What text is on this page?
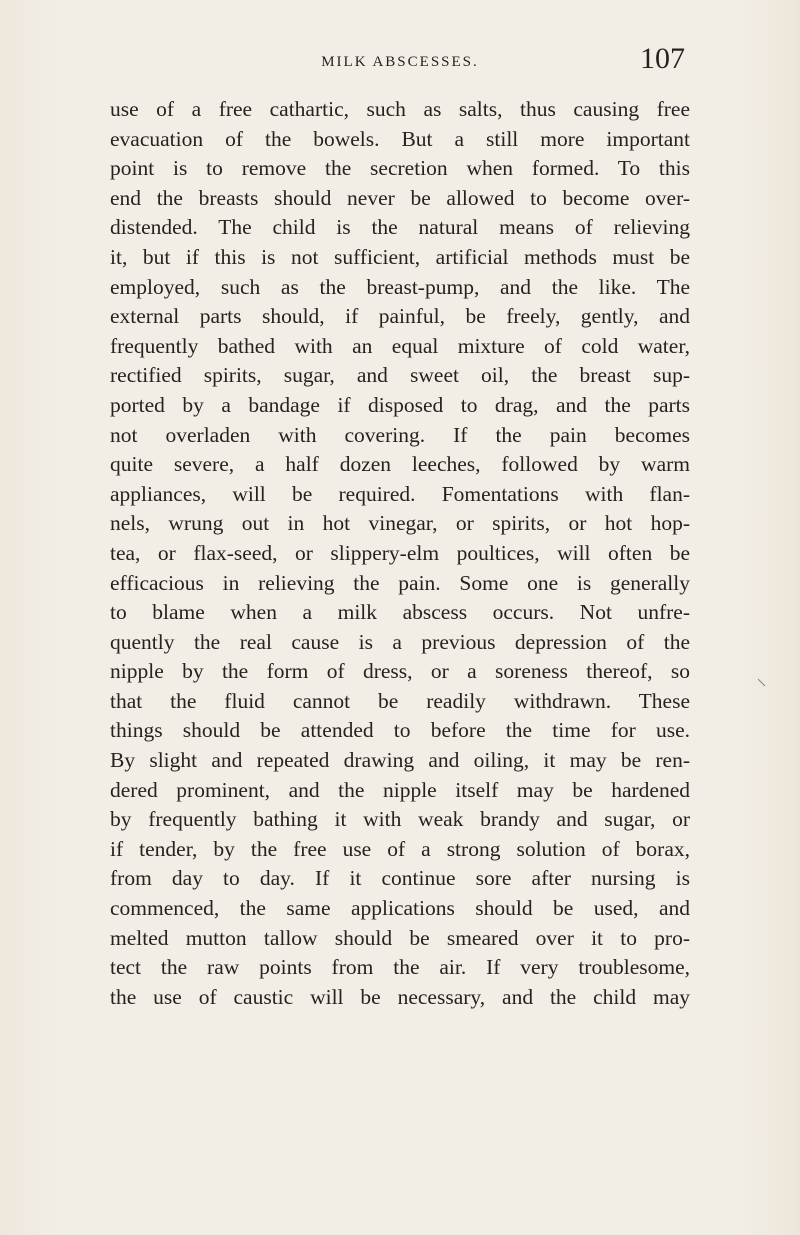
MILK ABSCESSES.	107
use of a free cathartic, such as salts, thus causing free
evacuation of the bowels. But a still more important
point is to remove the secretion when formed. To this
end the breasts should never be allowed to become over-
distended. The child is the natural means of relieving
it, but if this is not sufficient, artificial methods must be
employed, such as the breast-pump, and the like. The
external parts should, if painful, be freely, gently, and
frequently bathed with an equal mixture of cold water,
rectified spirits, sugar, and sweet oil, the breast sup-
ported by a bandage if disposed to drag, and the parts
not overladen with covering. If the pain becomes
quite severe, a half dozen leeches, followed by warm
appliances, will be required. Fomentations with flan-
nels, wrung out in hot vinegar, or spirits, or hot hop-
tea, or flax-seed, or slippery-elm poultices, will often be
efficacious in relieving the pain. Some one is generally
to blame when a milk abscess occurs. Not unfre-
quently the real cause is a previous depression of the
nipple by the form of dress, or a soreness thereof, so
that the fluid cannot be readily withdrawn. These
things should be attended to before the time for use.
By slight and repeated drawing and oiling, it may be ren-
dered prominent, and the nipple itself may be hardened
by frequently bathing it with weak brandy and sugar, or
if tender, by the free use of a strong solution of borax,
from day to day. If it continue sore after nursing is
commenced, the same applications should be used, and
melted mutton tallow should be smeared over it to pro-
tect the raw points from the air. If very troublesome,
the use of caustic will be necessary, and the child may
